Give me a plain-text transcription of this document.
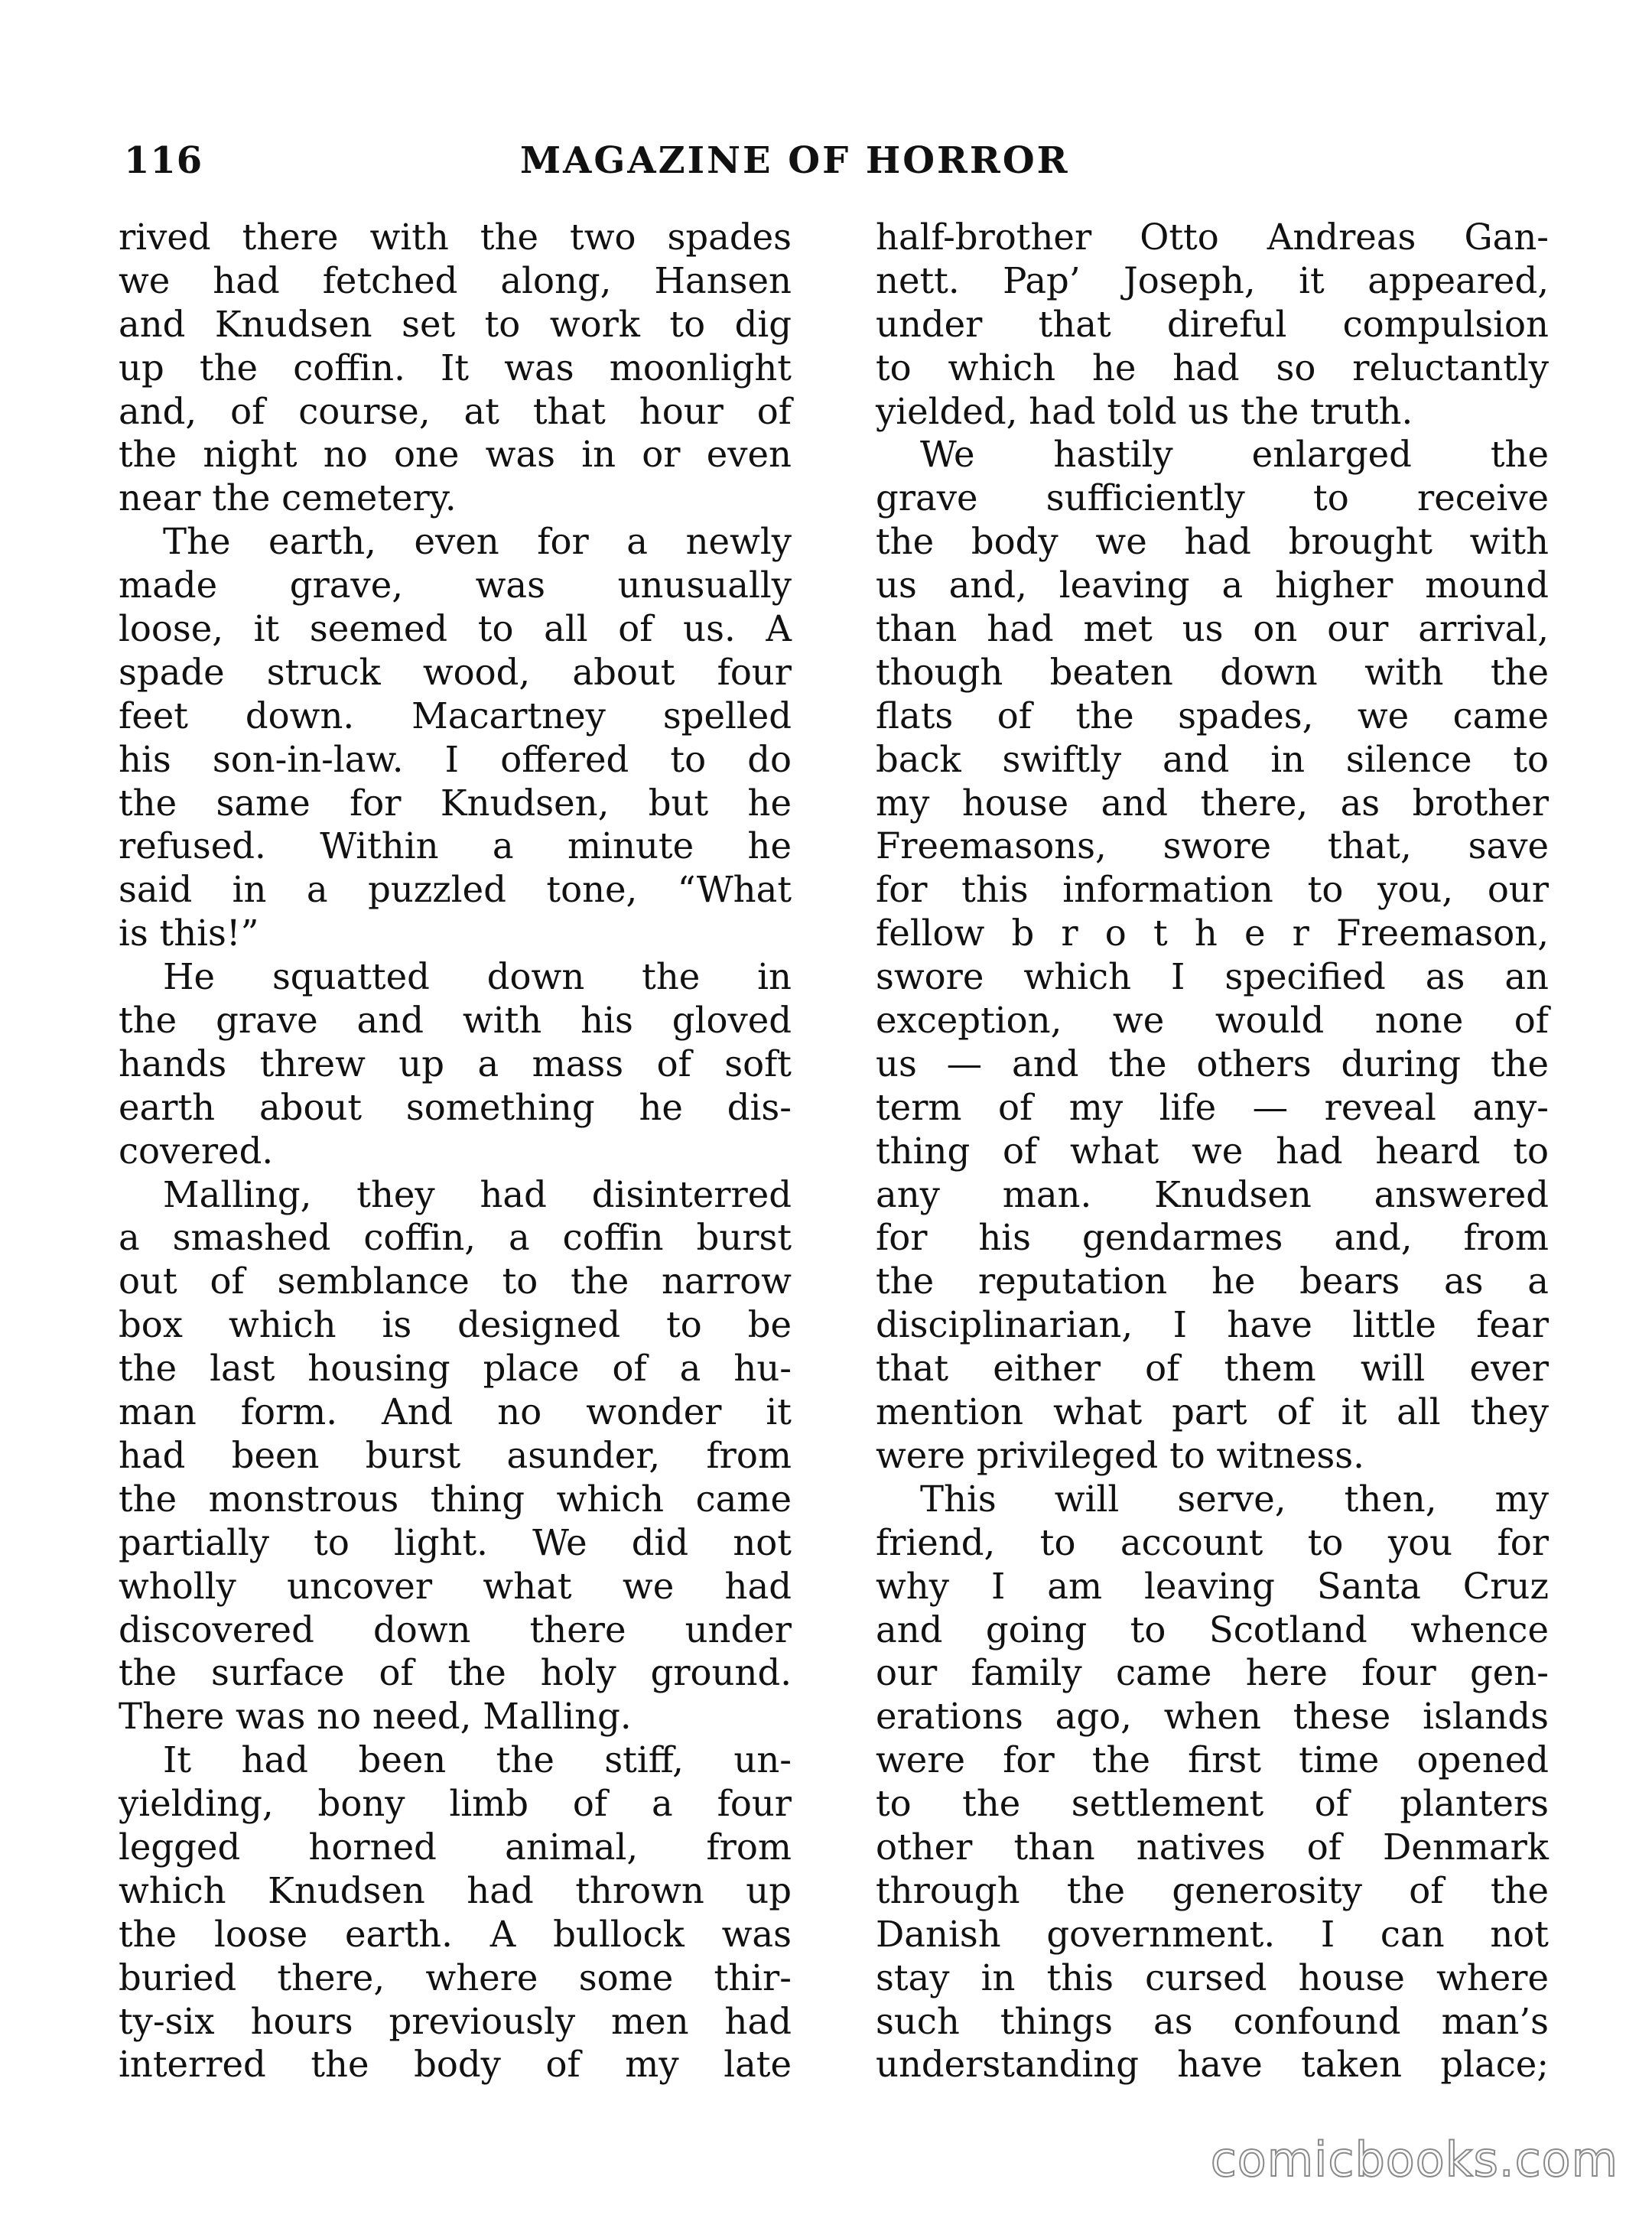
116	MAGAZINE OF HORROR
rived there with the two spades
we had fetched along, Hansen
and Knudsen set to work to dig
up the coffin. It was moonlight
and, of course, at that hour of
the night no one was in or even
near the cemetery.
The earth, even for a newly
made grave, was unusually
loose, it seemed to all of us. A
spade struck wood, about four
feet down. Macartney spelled
his son-in-law. I offered to do
the same for Knudsen, but he
refused. Within a minute he
said in a puzzled tone, “What
is this!”
He squatted down the in
the grave and with his gloved
hands threw up a mass of soft
earth about something he dis-
covered.
Malling, they had disinterred
a smashed coffin, a coffin burst
out of semblance to the narrow
box which is designed to be
the last housing place of a hu-
man form. And no wonder it
had been burst asunder, from
the monstrous thing which came
partially to light. We did not
wholly uncover what we had
discovered down there under
the surface of the holy ground.
There was no need, Malling.
It had been the stiff, un-
yielding, bony limb of a four
legged horned animal, from
which Knudsen had thrown up
the loose earth. A bullock was
buried there, where some thir-
ty-six hours previously men had
interred the body of my late
half-brother Otto Andreas Gan-
nett. Pap’ Joseph, it appeared,
under that direful compulsion
to which he had so reluctantly
yielded, had told us the truth.
We hastily enlarged the
grave sufficiently to receive
the body we had brought with
us and, leaving a higher mound
than had met us on our arrival,
though beaten down with the
flats of the spades, we came
back swiftly and in silence to
my house and there, as brother
Freemasons, swore that, save
for this information to you, our
fellow b r o t h e r Freemason,
swore which I specified as an
exception, we would none of
us — and the others during the
term of my life — reveal any-
thing of what we had heard to
any man. Knudsen answered
for his gendarmes and, from
the reputation he bears as a
disciplinarian, I have little fear
that either of them will ever
mention what part of it all they
were privileged to witness.
This will serve, then, my
friend, to account to you for
why I am leaving Santa Cruz
and going to Scotland whence
our family came here four gen-
erations ago, when these islands
were for the first time opened
to the settlement of planters
other than natives of Denmark
through the generosity of the
Danish government. I can not
stay in this cursed house where
such things as confound man’s
understanding have taken place;
comicbooks.com
